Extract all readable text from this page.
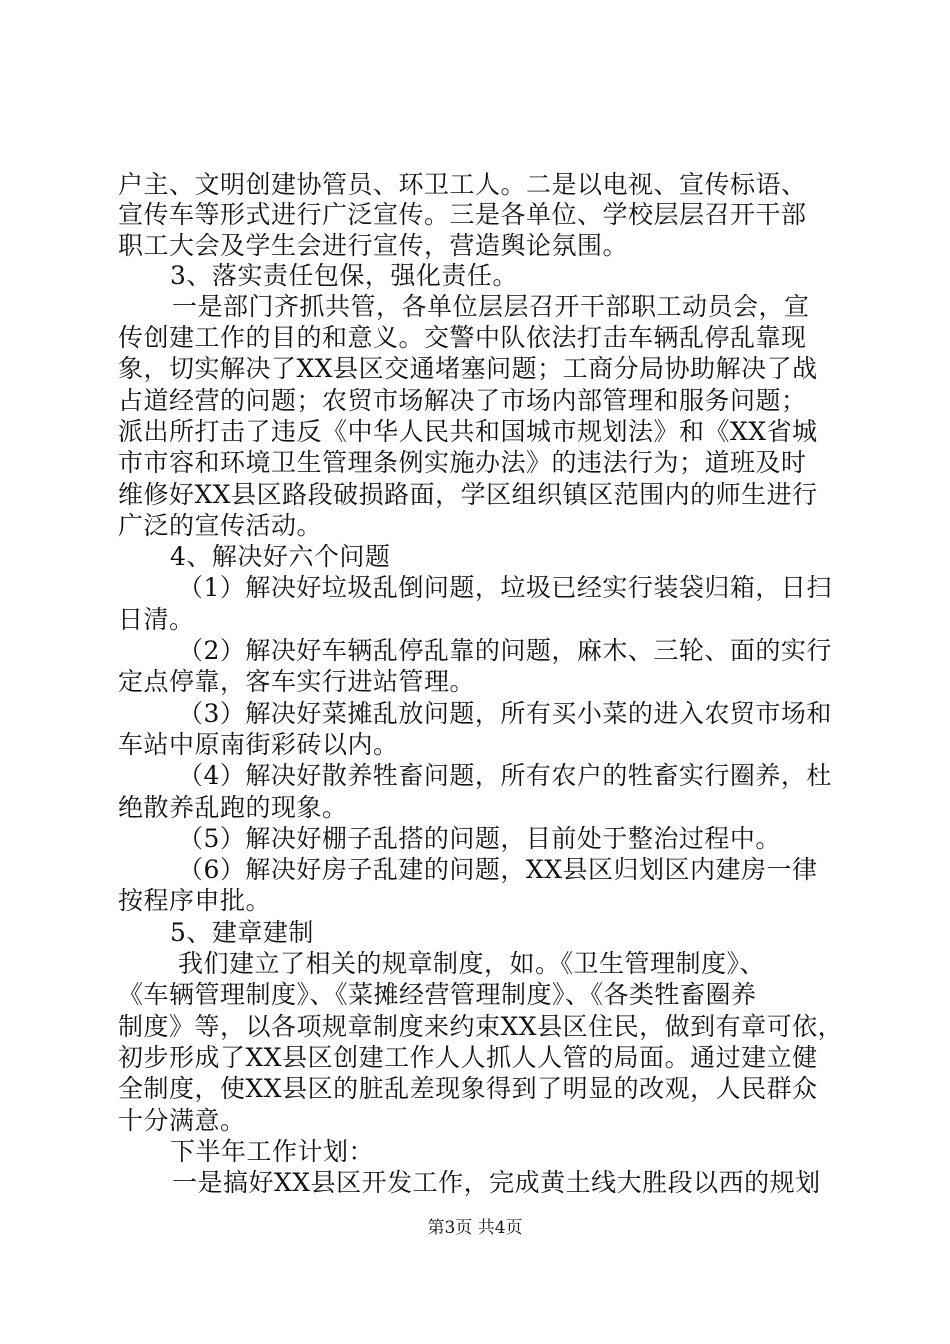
户主、文明创建协管员、环卫工人。二是以电视、宣传标语、
宣传车等形式进行广泛宣传。三是各单位、学校层层召开干部
职工大会及学生会进行宣传，营造舆论氛围。
3、落实责任包保，强化责任。
一是部门齐抓共管，各单位层层召开干部职工动员会，宣
传创建工作的目的和意义。交警中队依法打击车辆乱停乱靠现
象，切实解决了XX县区交通堵塞问题；工商分局协助解决了战
占道经营的问题；农贸市场解决了市场内部管理和服务问题；
派出所打击了违反《中华人民共和国城市规划法》和《XX省城
市市容和环境卫生管理条例实施办法》的违法行为；道班及时
维修好XX县区路段破损路面，学区组织镇区范围内的师生进行
广泛的宣传活动。
4、解决好六个问题
（1）解决好垃圾乱倒问题，垃圾已经实行装袋归箱，日扫
日清。
（2）解决好车辆乱停乱靠的问题，麻木、三轮、面的实行
定点停靠，客车实行进站管理。
（3）解决好菜摊乱放问题，所有买小菜的进入农贸市场和
车站中原南街彩砖以内。
（4）解决好散养牲畜问题，所有农户的牲畜实行圈养，杜
绝散养乱跑的现象。
（5）解决好棚子乱搭的问题，目前处于整治过程中。
（6）解决好房子乱建的问题，XX县区归划区内建房一律
按程序申批。
5、建章建制
我们建立了相关的规章制度，如。《卫生管理制度》、
《车辆管理制度》、《菜摊经营管理制度》、《各类牲畜圈养
制度》等，以各项规章制度来约束XX县区住民，做到有章可依，
初步形成了XX县区创建工作人人抓人人管的局面。通过建立健
全制度，使XX县区的脏乱差现象得到了明显的改观，人民群众
十分满意。
下半年工作计划：
一是搞好XX县区开发工作，完成黄土线大胜段以西的规划
第3页 共4页
